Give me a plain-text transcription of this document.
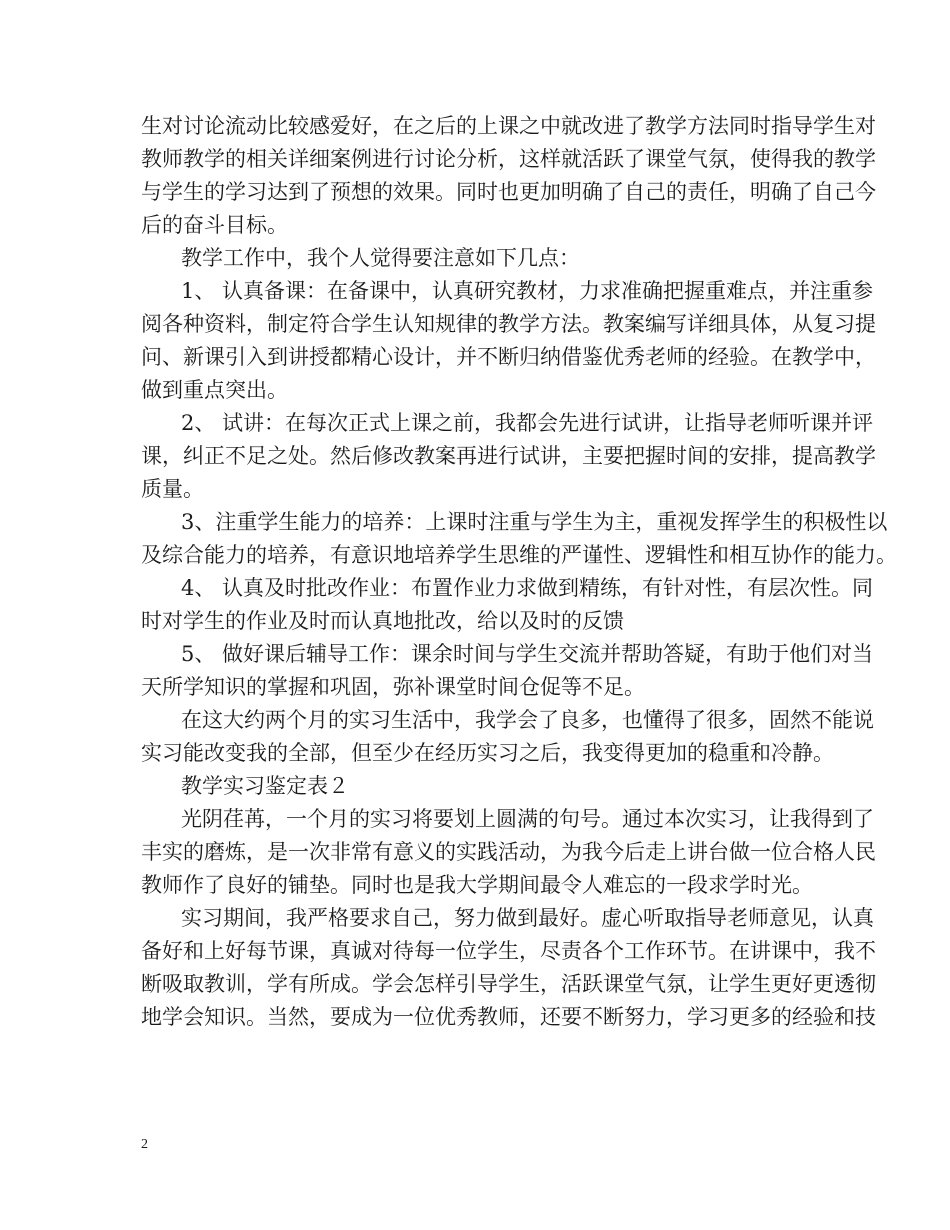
生对讨论流动比较感爱好，在之后的上课之中就改进了教学方法同时指导学生对
教师教学的相关详细案例进行讨论分析，这样就活跃了课堂气氛，使得我的教学
与学生的学习达到了预想的效果。同时也更加明确了自己的责任，明确了自己今
后的奋斗目标。
教学工作中，我个人觉得要注意如下几点：
1、 认真备课：在备课中，认真研究教材，力求准确把握重难点，并注重参
阅各种资料，制定符合学生认知规律的教学方法。教案编写详细具体，从复习提
问、新课引入到讲授都精心设计，并不断归纳借鉴优秀老师的经验。在教学中，
做到重点突出。
2、 试讲：在每次正式上课之前，我都会先进行试讲，让指导老师听课并评
课，纠正不足之处。然后修改教案再进行试讲，主要把握时间的安排，提高教学
质量。
3、注重学生能力的培养：上课时注重与学生为主，重视发挥学生的积极性以
及综合能力的培养，有意识地培养学生思维的严谨性、逻辑性和相互协作的能力。
4、 认真及时批改作业：布置作业力求做到精练，有针对性，有层次性。同
时对学生的作业及时而认真地批改，给以及时的反馈
5、 做好课后辅导工作：课余时间与学生交流并帮助答疑，有助于他们对当
天所学知识的掌握和巩固，弥补课堂时间仓促等不足。
在这大约两个月的实习生活中，我学会了良多，也懂得了很多，固然不能说
实习能改变我的全部，但至少在经历实习之后，我变得更加的稳重和冷静。
教学实习鉴定表２
光阴荏苒，一个月的实习将要划上圆满的句号。通过本次实习，让我得到了
丰实的磨炼，是一次非常有意义的实践活动，为我今后走上讲台做一位合格人民
教师作了良好的铺垫。同时也是我大学期间最令人难忘的一段求学时光。
实习期间，我严格要求自己，努力做到最好。虚心听取指导老师意见，认真
备好和上好每节课，真诚对待每一位学生，尽责各个工作环节。在讲课中，我不
断吸取教训，学有所成。学会怎样引导学生，活跃课堂气氛，让学生更好更透彻
地学会知识。当然，要成为一位优秀教师，还要不断努力，学习更多的经验和技
2
